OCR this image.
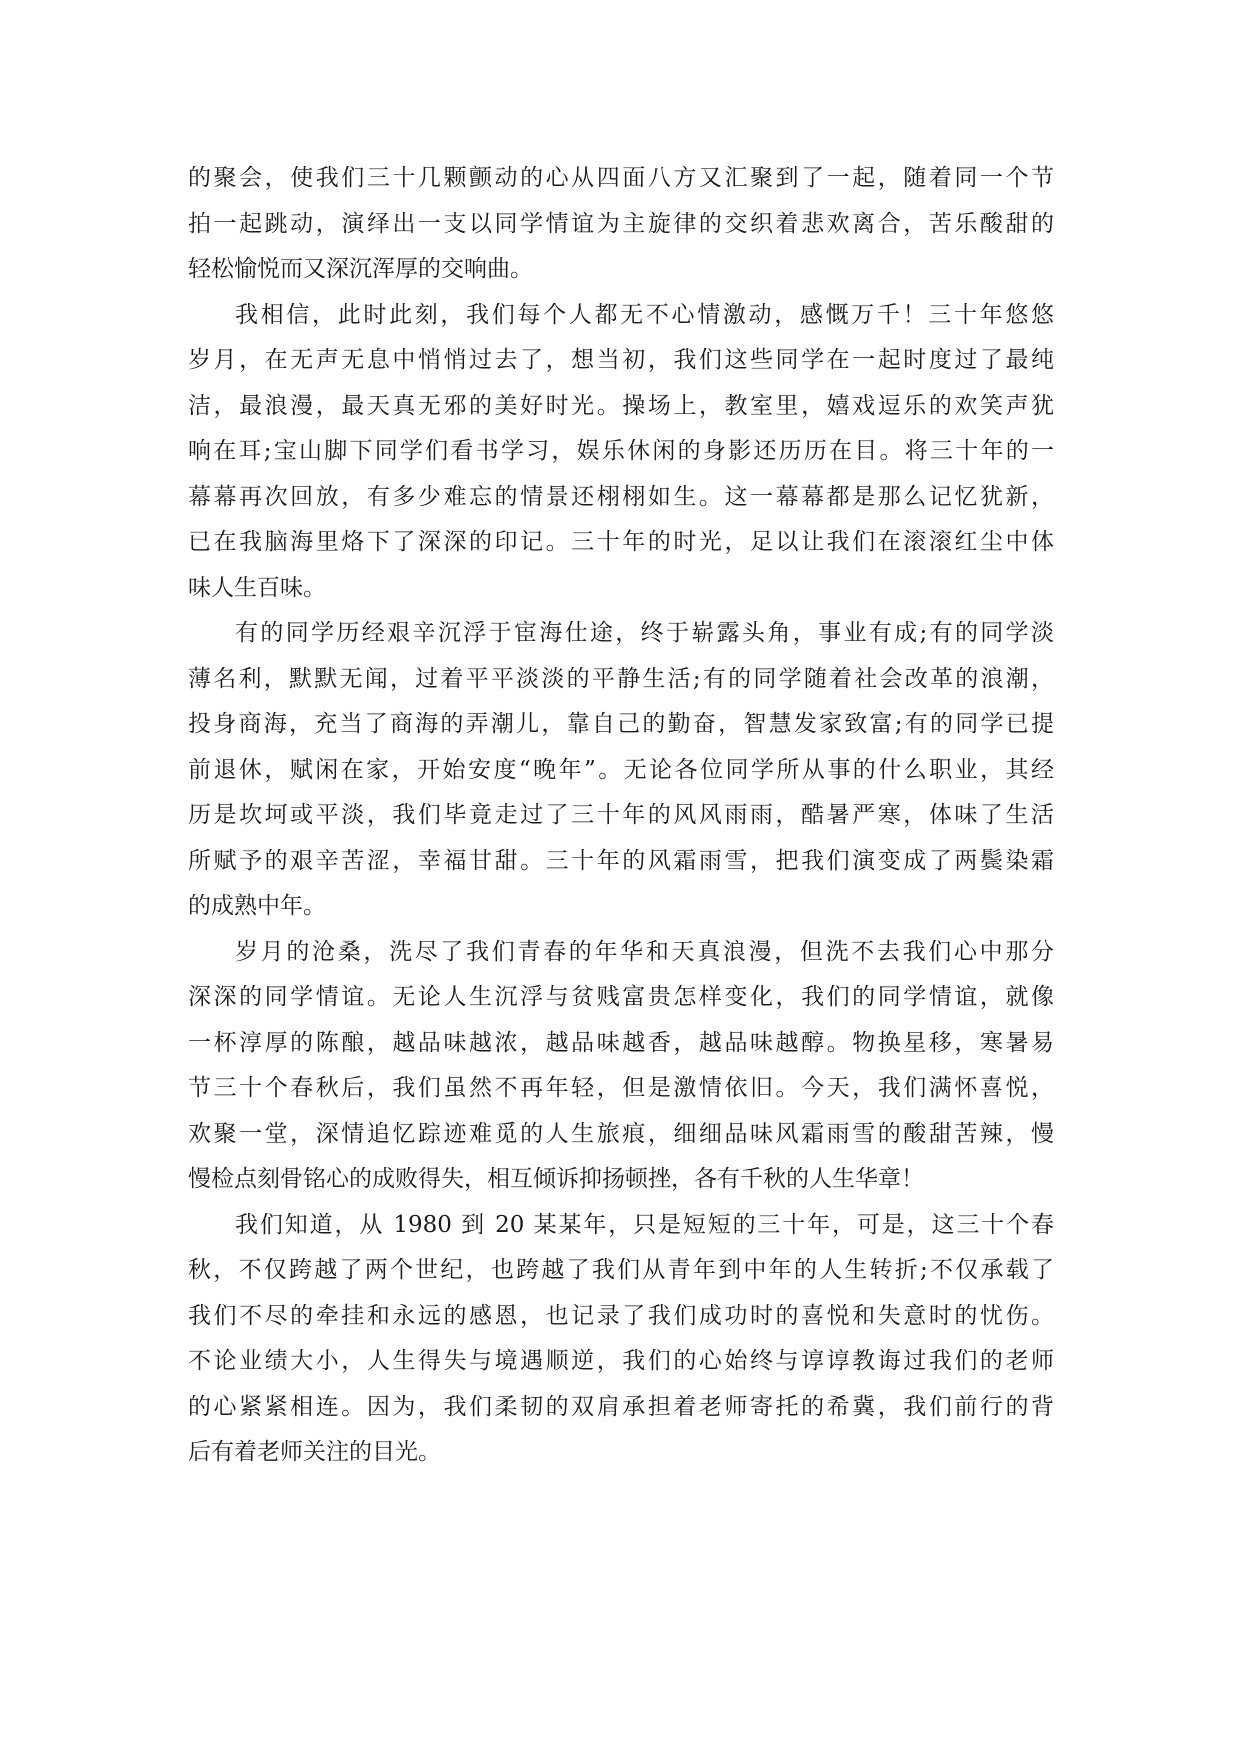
的聚会，使我们三十几颗颤动的心从四面八方又汇聚到了一起，随着同一个节
拍一起跳动，演绎出一支以同学情谊为主旋律的交织着悲欢离合，苦乐酸甜的
轻松愉悦而又深沉浑厚的交响曲。
我相信，此时此刻，我们每个人都无不心情激动，感慨万千！三十年悠悠
岁月，在无声无息中悄悄过去了，想当初，我们这些同学在一起时度过了最纯
洁，最浪漫，最天真无邪的美好时光。操场上，教室里，嬉戏逗乐的欢笑声犹
响在耳;宝山脚下同学们看书学习，娱乐休闲的身影还历历在目。将三十年的一
幕幕再次回放，有多少难忘的情景还栩栩如生。这一幕幕都是那么记忆犹新，
已在我脑海里烙下了深深的印记。三十年的时光，足以让我们在滚滚红尘中体
味人生百味。
有的同学历经艰辛沉浮于宦海仕途，终于崭露头角，事业有成;有的同学淡
薄名利，默默无闻，过着平平淡淡的平静生活;有的同学随着社会改革的浪潮，
投身商海，充当了商海的弄潮儿，靠自己的勤奋，智慧发家致富;有的同学已提
前退休，赋闲在家，开始安度“晚年”。无论各位同学所从事的什么职业，其经
历是坎坷或平淡，我们毕竟走过了三十年的风风雨雨，酷暑严寒，体味了生活
所赋予的艰辛苦涩，幸福甘甜。三十年的风霜雨雪，把我们演变成了两鬓染霜
的成熟中年。
岁月的沧桑，洗尽了我们青春的年华和天真浪漫，但洗不去我们心中那分
深深的同学情谊。无论人生沉浮与贫贱富贵怎样变化，我们的同学情谊，就像
一杯淳厚的陈酿，越品味越浓，越品味越香，越品味越醇。物换星移，寒暑易
节三十个春秋后，我们虽然不再年轻，但是激情依旧。今天，我们满怀喜悦，
欢聚一堂，深情追忆踪迹难觅的人生旅痕，细细品味风霜雨雪的酸甜苦辣，慢
慢检点刻骨铭心的成败得失，相互倾诉抑扬顿挫，各有千秋的人生华章！
我们知道，从 1980 到 20 某某年，只是短短的三十年，可是，这三十个春
秋，不仅跨越了两个世纪，也跨越了我们从青年到中年的人生转折;不仅承载了
我们不尽的牵挂和永远的感恩，也记录了我们成功时的喜悦和失意时的忧伤。
不论业绩大小，人生得失与境遇顺逆，我们的心始终与谆谆教诲过我们的老师
的心紧紧相连。因为，我们柔韧的双肩承担着老师寄托的希冀，我们前行的背
后有着老师关注的目光。
